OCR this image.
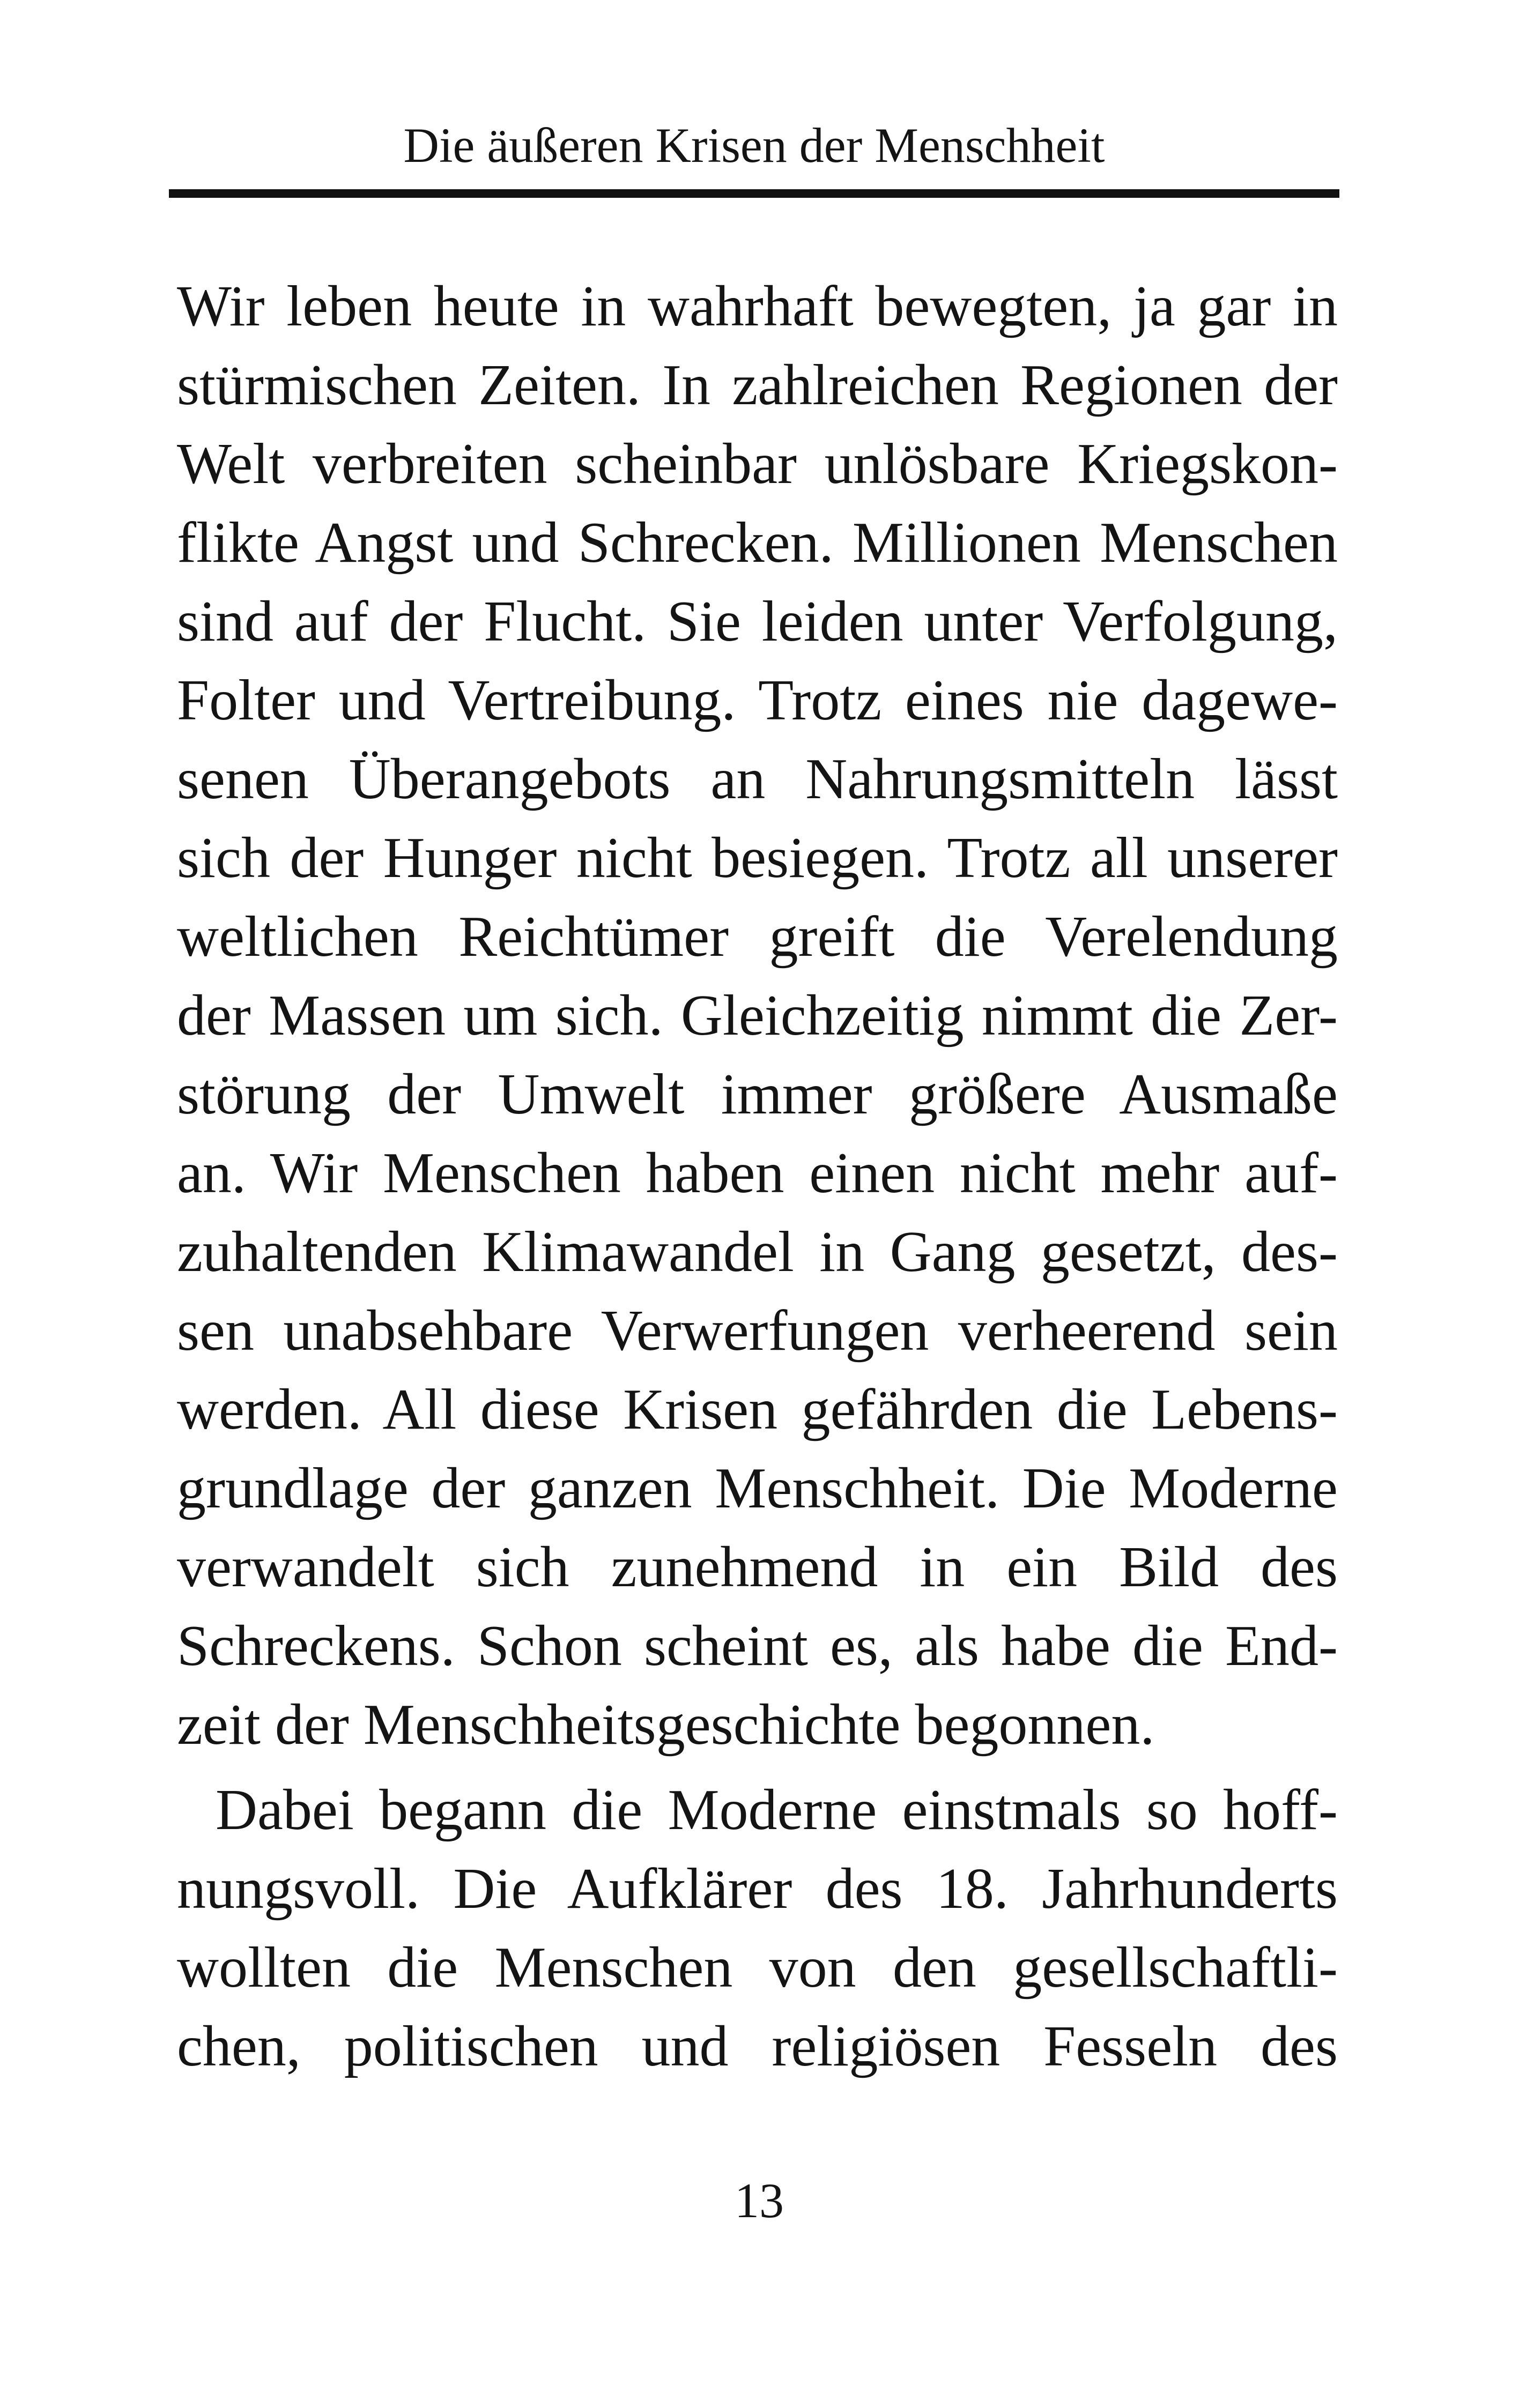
Die äußeren Krisen der Menschheit
Wir leben heute in wahrhaft bewegten, ja gar in
stürmischen Zeiten. In zahlreichen Regionen der
Welt verbreiten scheinbar unlösbare Kriegskon-
flikte Angst und Schrecken. Millionen Menschen
sind auf der Flucht. Sie leiden unter Verfolgung,
Folter und Vertreibung. Trotz eines nie dagewe-
senen Überangebots an Nahrungsmitteln lässt
sich der Hunger nicht besiegen. Trotz all unserer
weltlichen Reichtümer greift die Verelendung
der Massen um sich. Gleichzeitig nimmt die Zer-
störung der Umwelt immer größere Ausmaße
an. Wir Menschen haben einen nicht mehr auf-
zuhaltenden Klimawandel in Gang gesetzt, des-
sen unabsehbare Verwerfungen verheerend sein
werden. All diese Krisen gefährden die Lebens-
grundlage der ganzen Menschheit. Die Moderne
verwandelt sich zunehmend in ein Bild des
Schreckens. Schon scheint es, als habe die End-
zeit der Menschheitsgeschichte begonnen.
Dabei begann die Moderne einstmals so hoff-
nungsvoll. Die Aufklärer des 18. Jahrhunderts
wollten die Menschen von den gesellschaftli-
chen, politischen und religiösen Fesseln des
13
